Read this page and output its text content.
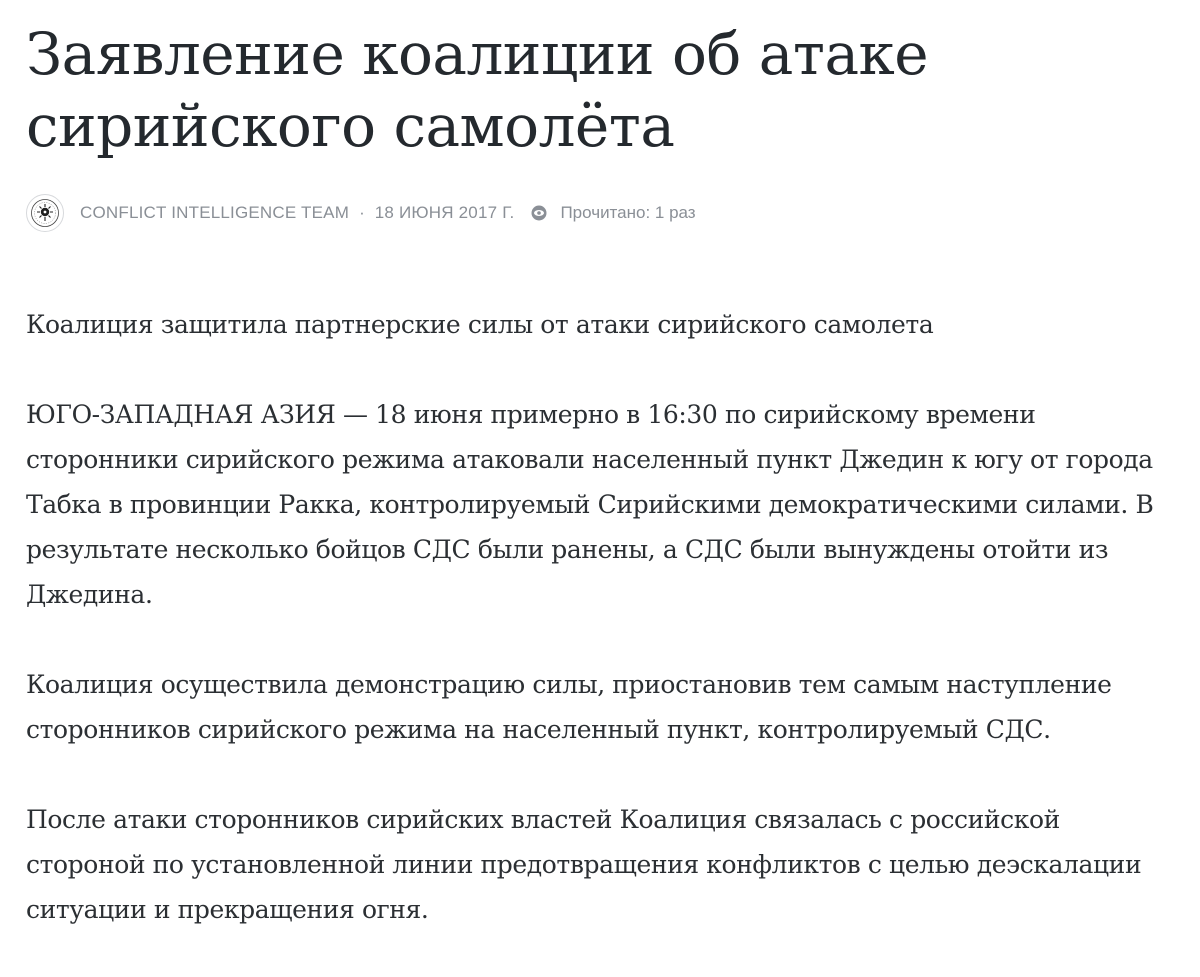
Заявление коалиции об атаке сирийского самолёта
CONFLICT INTELLIGENCE TEAM · 18 ИЮНЯ 2017 Г.	Прочитано: 1 раз

Коалиция защитила партнерские силы от атаки сирийского самолета

ЮГО-ЗАПАДНАЯ АЗИЯ — 18 июня примерно в 16:30 по сирийскому времени сторонники сирийского режима атаковали населенный пункт Джедин к югу от города Табка в провинции Ракка, контролируемый Сирийскими демократическими силами. В результате несколько бойцов СДС были ранены, а СДС были вынуждены отойти из Джедина.

Коалиция осуществила демонстрацию силы, приостановив тем самым наступление сторонников сирийского режима на населенный пункт, контролируемый СДС.

После атаки сторонников сирийских властей Коалиция связалась с российской стороной по установленной линии предотвращения конфликтов с целью деэскалации ситуации и прекращения огня.
